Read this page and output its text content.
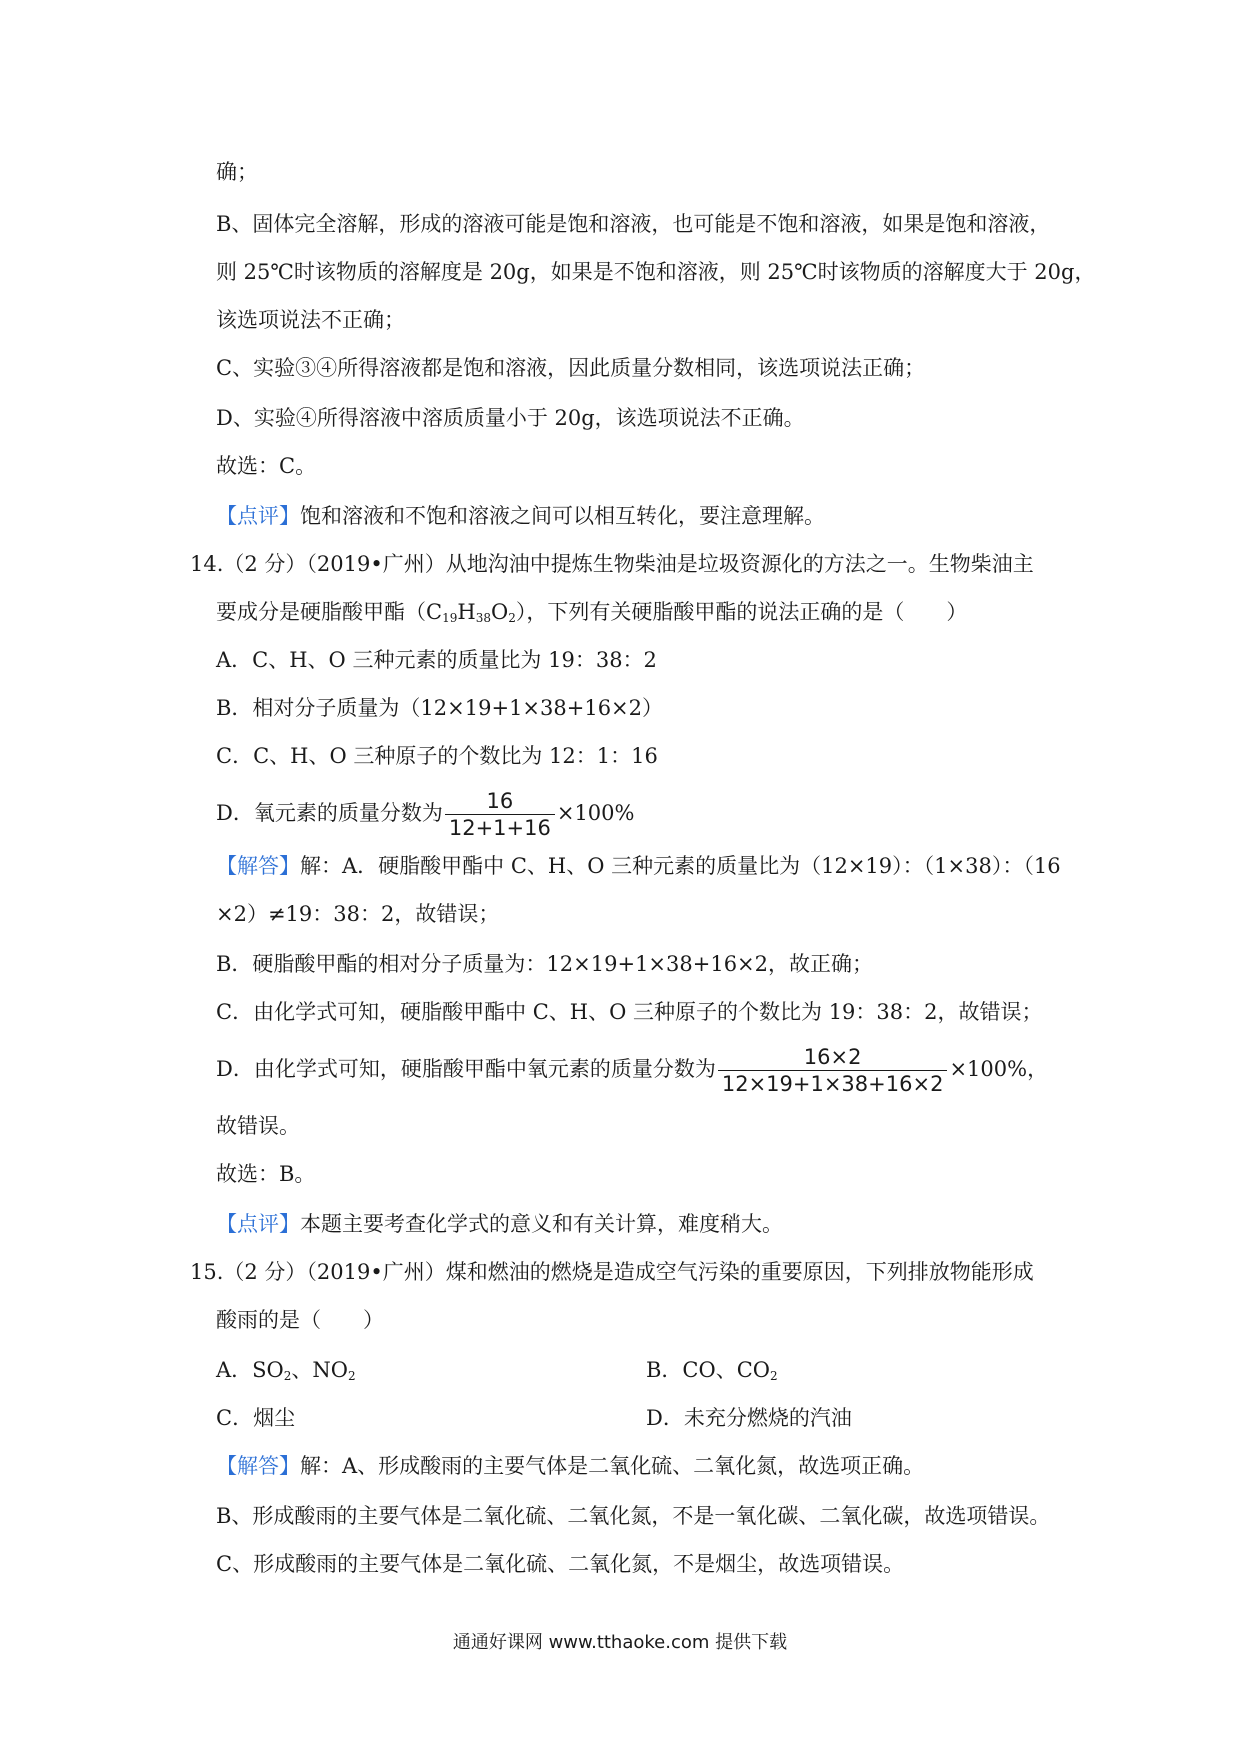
确；
B、固体完全溶解，形成的溶液可能是饱和溶液，也可能是不饱和溶液，如果是饱和溶液，
则 25℃时该物质的溶解度是 20g，如果是不饱和溶液，则 25℃时该物质的溶解度大于 20g，
该选项说法不正确；
C、实验③④所得溶液都是饱和溶液，因此质量分数相同，该选项说法正确；
D、实验④所得溶液中溶质质量小于 20g，该选项说法不正确。
故选：C。
【点评】饱和溶液和不饱和溶液之间可以相互转化，要注意理解。
14.（2 分）（2019•广州）从地沟油中提炼生物柴油是垃圾资源化的方法之一。生物柴油主
要成分是硬脂酸甲酯$(C_{19}H_{38}O_2)$，下列有关硬脂酸甲酯的说法正确的是（　　）
A．C、H、O 三种元素的质量比为 19：38：2
B．相对分子质量为（12×19+1×38+16×2）
C．C、H、O 三种原子的个数比为 12：1：16
D．氧元素的质量分数为 $\frac{16}{12+1+16} \times 100\%$
【解答】解：A．硬脂酸甲酯中 C、H、O 三种元素的质量比为（12×19）：（1×38）：（16
×2）≠19：38：2，故错误；
B．硬脂酸甲酯的相对分子质量为：12×19+1×38+16×2，故正确；
C．由化学式可知，硬脂酸甲酯中 C、H、O 三种原子的个数比为 19：38：2，故错误；
D．由化学式可知，硬脂酸甲酯中氧元素的质量分数为 $\frac{16\times 2}{12\times 19+1\times 38+16\times 2} \times 100\%$，
故错误。
故选：B。
【点评】本题主要考查化学式的意义和有关计算，难度稍大。
15.（2 分）（2019•广州）煤和燃油的燃烧是造成空气污染的重要原因，下列排放物能形成
酸雨的是（　　）
A．$SO_2$、$NO_2$	B．CO、$CO_2$
C．烟尘	D．未充分燃烧的汽油
【解答】解：A、形成酸雨的主要气体是二氧化硫、二氧化氮，故选项正确。
B、形成酸雨的主要气体是二氧化硫、二氧化氮，不是一氧化碳、二氧化碳，故选项错误。
C、形成酸雨的主要气体是二氧化硫、二氧化氮，不是烟尘，故选项错误。
通通好课网 www.tthaoke.com 提供下载
